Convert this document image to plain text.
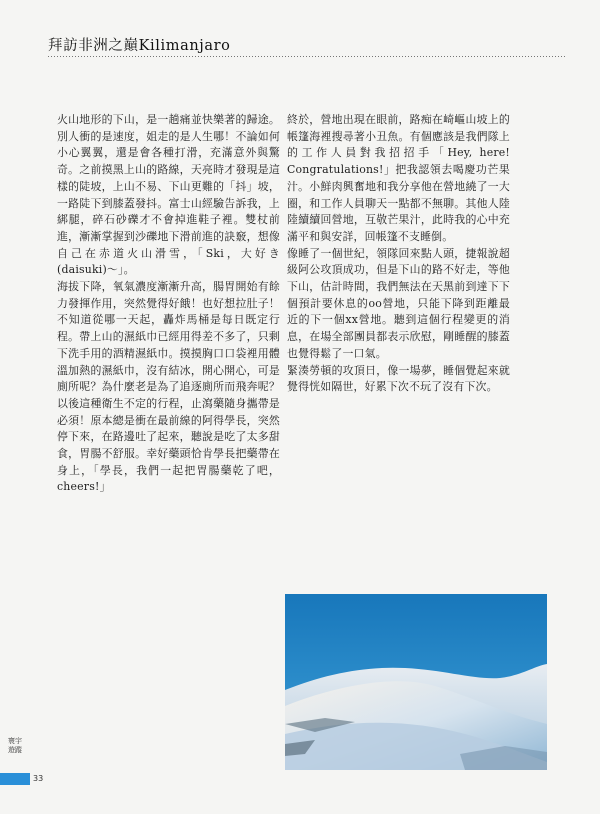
拜訪非洲之巔Kilimanjaro

火山地形的下山，是一趟痛並快樂著的歸途。別人衝的是速度，姐走的是人生哪！不論如何小心翼翼，還是會各種打滑，充滿意外與驚奇。之前摸黑上山的路線，天亮時才發現是這樣的陡坡，上山不易、下山更難的「抖」坡，一路陡下到膝蓋發抖。富士山經驗告訴我，上綁腿，碎石砂礫才不會掉進鞋子裡。雙杖前進，漸漸掌握到沙礫地下滑前進的訣竅，想像自己在赤道火山滑雪，「Ski，大好き(daisuki)～」。

海拔下降，氧氣濃度漸漸升高，腸胃開始有餘力發揮作用，突然覺得好餓！也好想拉肚子！不知道從哪一天起，轟炸馬桶是每日既定行程。帶上山的濕紙巾已經用得差不多了，只剩下洗手用的酒精濕紙巾。摸摸胸口口袋裡用體溫加熱的濕紙巾，沒有結冰，開心開心，可是廁所呢？為什麼老是為了追逐廁所而飛奔呢？以後這種衛生不定的行程，止瀉藥隨身攜帶是必須！原本總是衝在最前線的阿得學長，突然停下來，在路邊吐了起來，聽說是吃了太多甜食，胃腸不舒服。幸好藥頭恰肯學長把藥帶在身上，「學長，我們一起把胃腸藥乾了吧，cheers!」

終於，營地出現在眼前，路痴在崎嶇山坡上的帳篷海裡搜尋著小丑魚。有個應該是我們隊上的工作人員對我招招手「Hey, here! Congratulations!」把我認領去喝慶功芒果汁。小鮮肉興奮地和我分享他在營地繞了一大圈，和工作人員聊天一點都不無聊。其他人陸陸續續回營地，互敬芒果汁，此時我的心中充滿平和與安詳，回帳篷不支睡倒。

像睡了一個世紀，領隊回來點人頭，捷報說超級阿公攻頂成功，但是下山的路不好走，等他下山，估計時間，我們無法在天黑前到達下下個預計要休息的oo營地，只能下降到距離最近的下一個xx營地。聽到這個行程變更的消息，在場全部團員都表示欣慰，剛睡醒的膝蓋也覺得鬆了一口氣。

緊湊勞頓的攻頂日，像一場夢，睡個覺起來就覺得恍如隔世，好累下次不玩了沒有下次。

寰宇遊蹤
33
